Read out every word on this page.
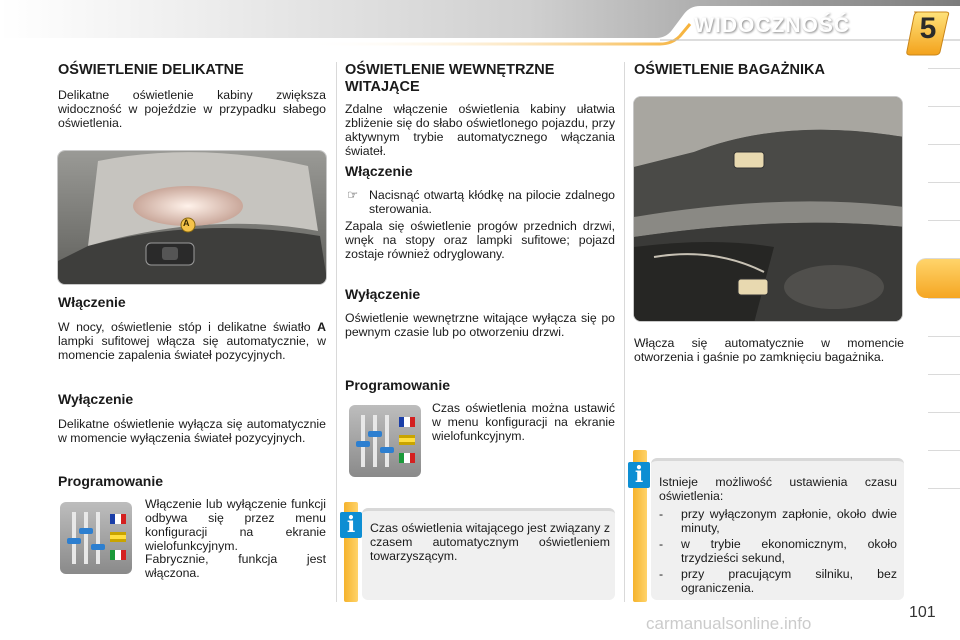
WIDOCZNOŚĆ	5
OŚWIETLENIE DELIKATNE

Delikatne oświetlenie kabiny zwiększa widoczność w pojeździe w przypadku słabego oświetlenia.

A
Włączenie

W nocy, oświetlenie stóp i delikatne światło A lampki sufitowej włącza się automatycznie, w momencie zapalenia świateł pozycyjnych.

Wyłączenie

Delikatne oświetlenie wyłącza się automatycznie w momencie wyłączenia świateł pozycyjnych.

Programowanie

Włączenie lub wyłączenie funkcji odbywa się przez menu konfiguracji na ekranie wielofunkcyjnym.

Fabrycznie, funkcja jest włączona.

OŚWIETLENIE WEWNĘTRZNE WITAJĄCE

Zdalne włączenie oświetlenia kabiny ułatwia zbliżenie się do słabo oświetlonego pojazdu, przy aktywnym trybie automatycznego włączania świateł.

Włączenie
☞ Nacisnąć otwartą kłódkę na pilocie zdalnego sterowania.

Zapala się oświetlenie progów przednich drzwi, wnęk na stopy oraz lampki sufitowe; pojazd zostaje również odryglowany.

Wyłączenie

Oświetlenie wewnętrzne witające wyłącza się po pewnym czasie lub po otworzeniu drzwi.

Programowanie

Czas oświetlenia można ustawić w menu konfiguracji na ekranie wielofunkcyjnym.

i	Czas oświetlenia witającego jest związany z czasem automatycznym oświetleniem towarzyszącym.

OŚWIETLENIE BAGAŻNIKA

Włącza się automatycznie w momencie otworzenia i gaśnie po zamknięciu bagażnika.

i	Istnieje możliwość ustawienia czasu oświetlenia:

-	przy wyłączonym zapłonie, około dwie minuty,
-	w trybie ekonomicznym, około trzydzieści sekund,
-	przy pracującym silniku, bez ograniczenia.
carmanualsonline.info
101
